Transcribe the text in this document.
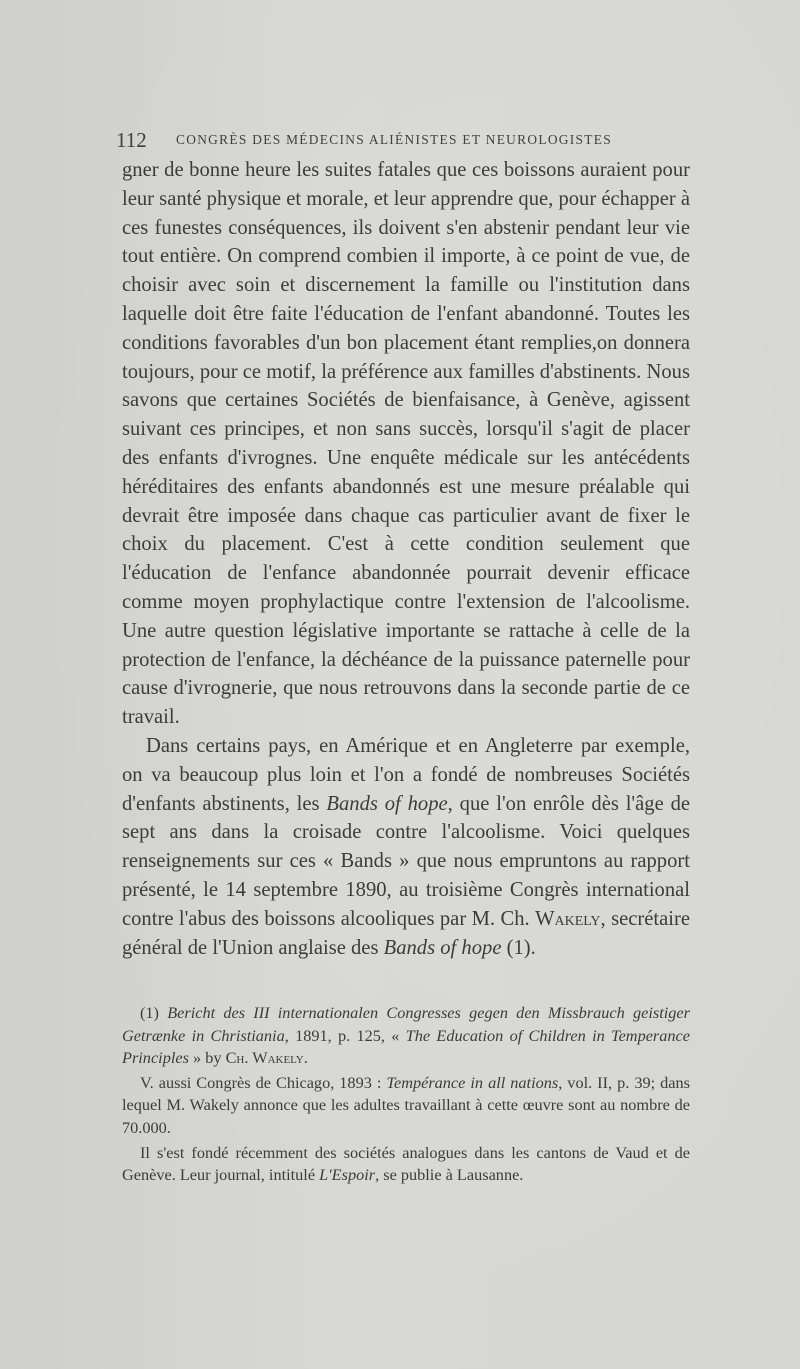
112 CONGRÈS DES MÉDECINS ALIÉNISTES ET NEUROLOGISTES

gner de bonne heure les suites fatales que ces boissons auraient pour leur santé physique et morale, et leur apprendre que, pour échapper à ces funestes conséquences, ils doivent s'en abstenir pendant leur vie tout entière. On comprend combien il importe, à ce point de vue, de choisir avec soin et discernement la famille ou l'institution dans laquelle doit être faite l'éducation de l'enfant abandonné. Toutes les conditions favorables d'un bon placement étant remplies,on donnera toujours, pour ce motif, la préférence aux familles d'abstinents. Nous savons que certaines Sociétés de bienfaisance, à Genève, agissent suivant ces principes, et non sans succès, lorsqu'il s'agit de placer des enfants d'ivrognes. Une enquête médicale sur les antécédents héréditaires des enfants abandonnés est une mesure préalable qui devrait être imposée dans chaque cas particulier avant de fixer le choix du placement. C'est à cette condition seulement que l'éducation de l'enfance abandonnée pourrait devenir efficace comme moyen prophylactique contre l'extension de l'alcoolisme. Une autre question législative importante se rattache à celle de la protection de l'enfance, la déchéance de la puissance paternelle pour cause d'ivrognerie, que nous retrouvons dans la seconde partie de ce travail.

Dans certains pays, en Amérique et en Angleterre par exemple, on va beaucoup plus loin et l'on a fondé de nombreuses Sociétés d'enfants abstinents, les Bands of hope, que l'on enrôle dès l'âge de sept ans dans la croisade contre l'alcoolisme. Voici quelques renseignements sur ces « Bands » que nous empruntons au rapport présenté, le 14 septembre 1890, au troisième Congrès international contre l'abus des boissons alcooliques par M. Ch. Wakely, secrétaire général de l'Union anglaise des Bands of hope (1).

(1) Bericht des III internationalen Congresses gegen den Missbrauch geistiger Getrænke in Christiania, 1891, p. 125, « The Education of Children in Temperance Principles » by Ch. Wakely.

V. aussi Congrès de Chicago, 1893 : Tempérance in all nations, vol. II, p. 39; dans lequel M. Wakely annonce que les adultes travaillant à cette œuvre sont au nombre de 70.000.

Il s'est fondé récemment des sociétés analogues dans les cantons de Vaud et de Genève. Leur journal, intitulé L'Espoir, se publie à Lausanne.
